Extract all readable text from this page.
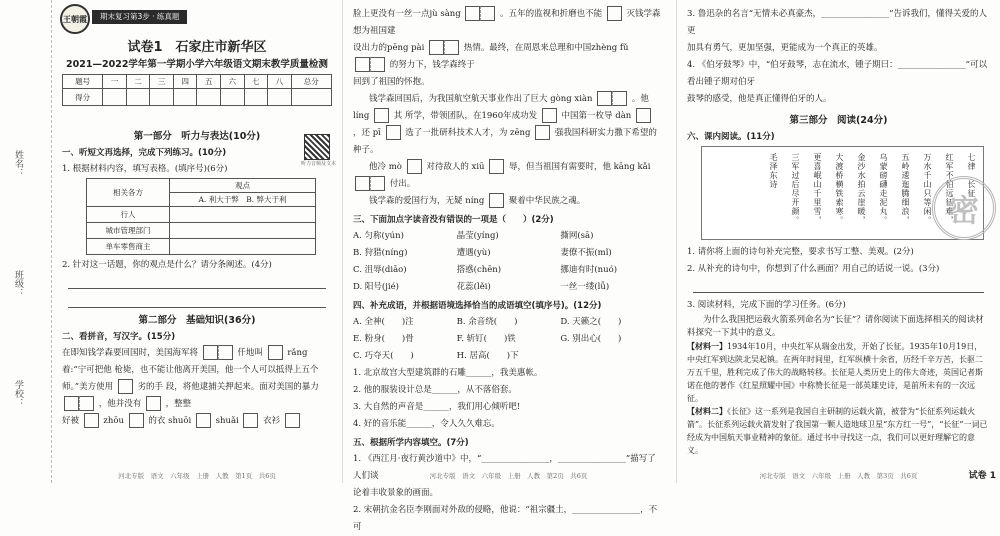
姓名：
班级：
学校：
王朝霞	期末复习第3步 · 练真题
试卷1　石家庄市新华区
2021—2022学年第一学期小学六年级语文期末教学质量检测
题号	一	二	三	四	五	六	七	八	总分
得分									
第一部分　听力与表达(10分)
一、听短文再选择，完成下列练习。(10分)
1. 根据材料内容，填写表格。(填序号)(6分)
相关各方	观点
	A. 利大于弊　B. 弊大于利
行人	
城市管理部门	
单车零售商主	
2. 针对这一话题，你的观点是什么？请分条阐述。(4分)
第二部分　基础知识(36分)
二、看拼音，写汉字。(15分)

在即知钱学森要回国时，美国海军将	仟地叫	rǎng 着:“宁可把他 枪毙，也不能让他离开美国，他一个人可以抵得上五个师。”美方使用	劣的手 段，将他逮捕关押起来。面对美国的暴力
，他并没有	，整整
好被	zhōu	的衣 shuōi	shuǎi	衣衫

听力音频及文本
河北专版　语文　六年级　上册　人教　第1页　共6页

脸上更没有一丝一点jù sàng	。五年的监视和折磨也不能	灭钱学森想为祖国建

设出力的pēng pài	热情。最终，在周恩来总理和中国zhèng fǔ
的努力下，钱学森终于

回到了祖国的怀抱。

钱学森回国后，为我国航空航天事业作出了巨大 gòng xiàn	。他 líng	其 所学，带领团队，在1960年成功发	中国第一枚导 dàn
，还 pī	选了一批研科技术人才，为 zēng	强我国科研实力撒下希望的种子。

他冷 mò	对待敌人的 xiū	辱，但当祖国有需要时，他 kāng kǎi
付出。

钱学森的爱国行为，无疑 níng	聚着中华民族之魂。

三、下面加点字读音没有错误的一项是（　　）(2分)
A. 匀称(yún)	晶莹(yíng)	撕网(sā)
B. 狩猎(níng)	遭遇(yù)	妻僚不振(mǐ)
C. 沮辱(diāo)	搭惑(chēn)	挪迪有时(nuó)
D. 阳号(jié)	花蕊(lěi)	一丝一缕(lǚ)
四、补充成语，并根据语境选择恰当的成语填空(填序号)。(12分)
A. 全神(　　)注	B. 余音绕(　　)	D. 天籁之(　　)
E. 粉身(　　)骨	F. 斩钉(　　)铁	G. 别出心(　　)
C. 巧夺天(　　)	H. 居高(　　)下
1. 北京故宫大型建筑群的石雕______，我美惠帐。
2. 他的服装设计总是______，从不落俗套。
3. 大自然的声音是______，我们用心倾听吧!
4. 好的音乐能______，令人久久难忘。
五、根据所学内容填空。(7分)
1. 《西江月·夜行黄沙道中》中，“________________，________________”描写了人们谈
论着丰收景象的画面。
2. 宋朝抗金名臣李刚面对外敌的侵略，他说：“祖宗疆土，________________，不可
河北专版　语文　六年级　上册　人教　第2页　共6页
3. 鲁迅杂的名言“无情未必真豪杰，________________”告诉我们，懂得关爱的人更
加具有勇气，更加坚强，更能成为一个真正的英雄。
4. 《伯牙鼓琴》中，“伯牙鼓琴，志在流水，锺子期曰：________________”可以看出锺子期对伯牙
鼓琴的感受，他是真正懂得伯牙的人。
第三部分　阅读(24分)
六、课内阅读。(11分)
七律　长征
红军不怕远征难，
万水千山只等闲。
五岭逶迤腾细浪，
乌蒙磅礴走泥丸。
金沙水拍云崖暖，
大渡桥横铁索寒。
更喜岷山千里雪，
三军过后尽开颜。
毛泽东诗
1. 请你将上面的诗句补充完整，要求书写工整、美观。(2分)
2. 从补充的诗句中，你想到了什么画面？用自己的话说一说。(3分)
3. 阅读材料，完成下面的学习任务。(6分)
为什么我国把运载火箭系列命名为“长征”？请你阅读下面选择相关的阅读材料探究一下其中的意义。
【材料一】1934年10月，中央红军从瑞金出发，开始了长征。1935年10月19日，中央红军到达陕北吴起镇。在两年时间里，红军纵横十余省，历经千辛万苦，长驱二万五千里，胜利完成了伟大的战略转移。长征是人类历史上的伟大奇迹，英国记者斯诺在他的著作《红星照耀中国》中称赞长征是一部英雄史诗，是前所未有的一次远征。
【材料二】《长征》这一系列是我国自主研制的运载火箭，被誉为“长征系列运载火箭”。长征系列运载火箭发射了我国第一颗人造地球卫星“东方红一号”，“长征”一词已经成为中国航天事业精神的象征。通过书中寻找这一点，我们可以更好理解它的意义。
密
河北专版　语文　六年级　上册　人教　第3页　共6页	试卷 1
